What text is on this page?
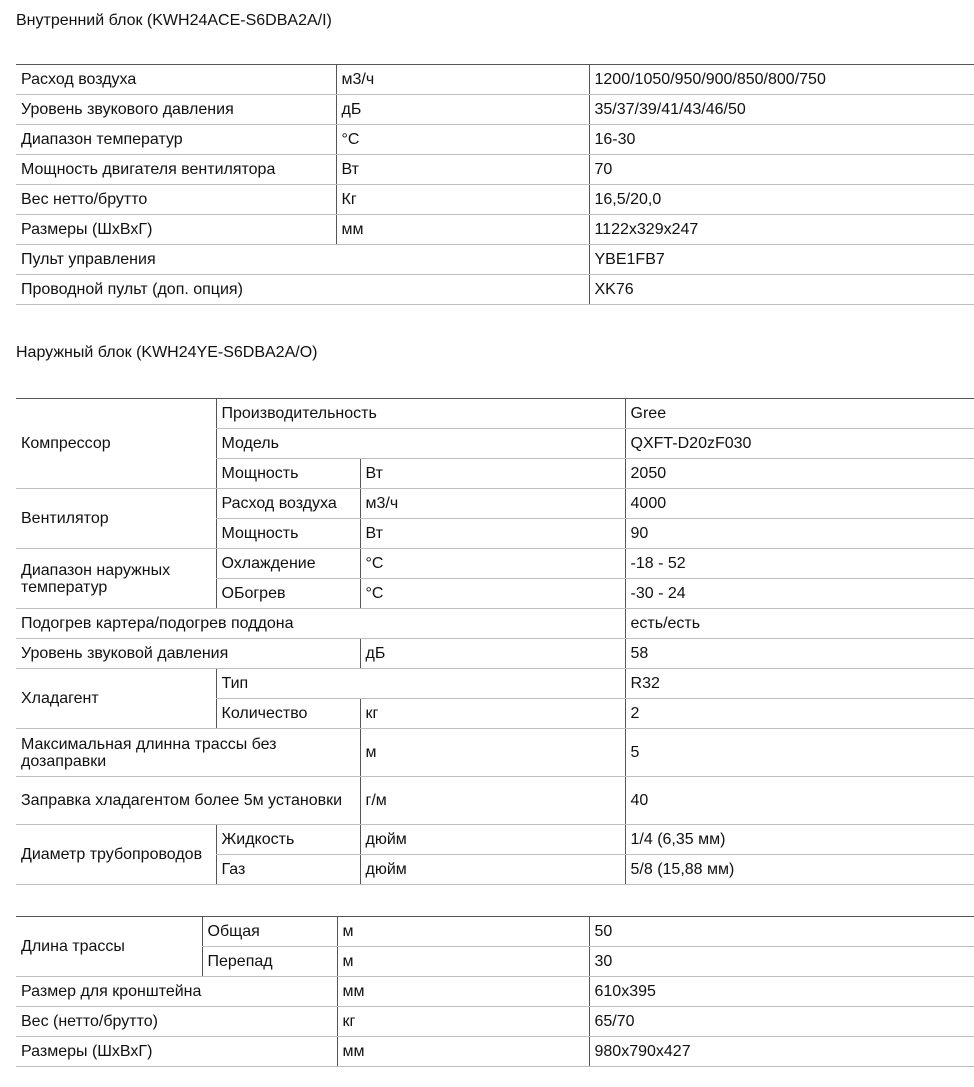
Внутренний блок (KWH24ACE-S6DBA2A/I)
Расход воздуха	м3/ч	1200/1050/950/900/850/800/750
Уровень звукового давления	дБ	35/37/39/41/43/46/50
Диапазон температур	°C	16-30
Мощность двигателя вентилятора	Вт	70
Вес нетто/брутто	Кг	16,5/20,0
Размеры (ШхВхГ)	мм	1122x329x247
Пульт управления		YBE1FB7
Проводной пульт (доп. опция)		XK76
Наружный блок (KWH24YE-S6DBA2A/O)
Компрессор	Производительность		Gree
	Модель		QXFT-D20zF030
	Мощность	Вт	2050
Вентилятор	Расход воздуха	м3/ч	4000
	Мощность	Вт	90
Диапазон наружных температур	Охлаждение	°C	-18 - 52
	ОБогрев	°C	-30 - 24
Подогрев картера/подогрев поддона			есть/есть
Уровень звуковой давления		дБ	58
Хладагент	Тип		R32
	Количество	кг	2
Максимальная длинна трассы без дозаправки		м	5
Заправка хладагентом более 5м установки		г/м	40
Диаметр трубопроводов	Жидкость	дюйм	1/4 (6,35 мм)
	Газ	дюйм	5/8 (15,88 мм)
Длина трассы	Общая	м	50
	Перепад	м	30
Размер для кронштейна		мм	610x395
Вес (нетто/брутто)		кг	65/70
Размеры (ШхВхГ)		мм	980x790x427
